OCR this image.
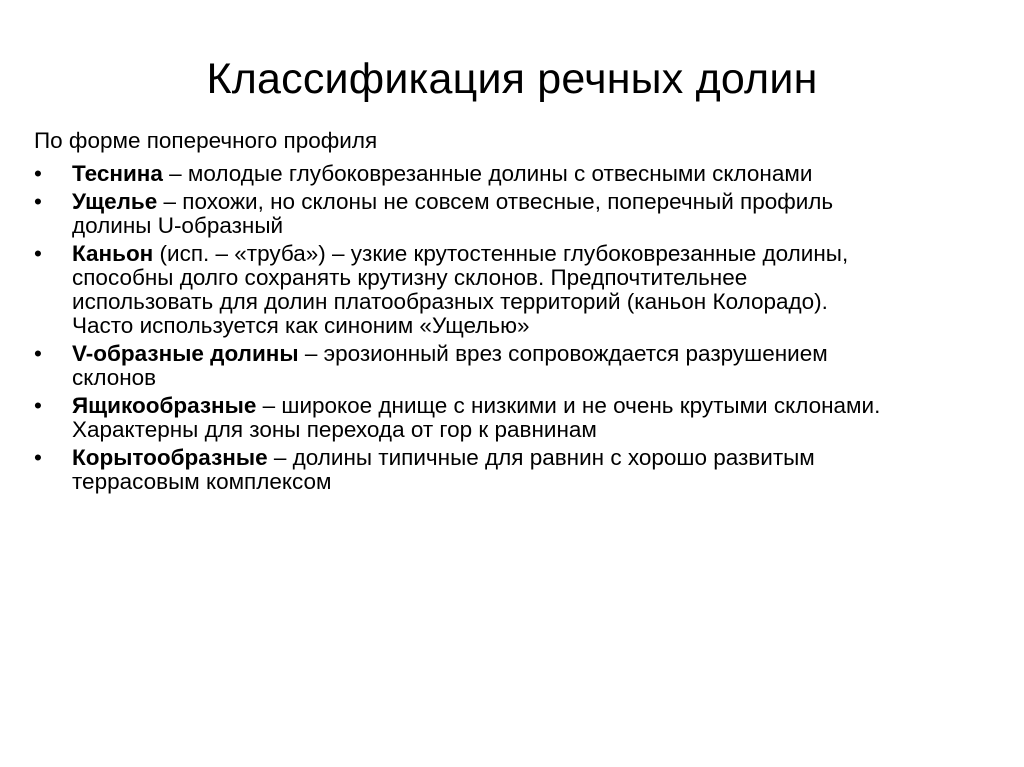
Классификация речных долин
По форме поперечного профиля
•	Теснина – молодые глубоковрезанные долины с отвесными склонами
•	Ущелье – похожи, но склоны не совсем отвесные, поперечный профиль
долины U-образный
•	Каньон (исп. – «труба») – узкие крутостенные глубоковрезанные долины,
способны долго сохранять крутизну склонов. Предпочтительнее
использовать для долин платообразных территорий (каньон Колорадо).
Часто используется как синоним «Ущелью»
•	V-образные долины – эрозионный врез сопровождается разрушением
склонов
•	Ящикообразные – широкое днище с низкими и не очень крутыми склонами.
Характерны для зоны перехода от гор к равнинам
•	Корытообразные – долины типичные для равнин с хорошо развитым
террасовым комплексом
